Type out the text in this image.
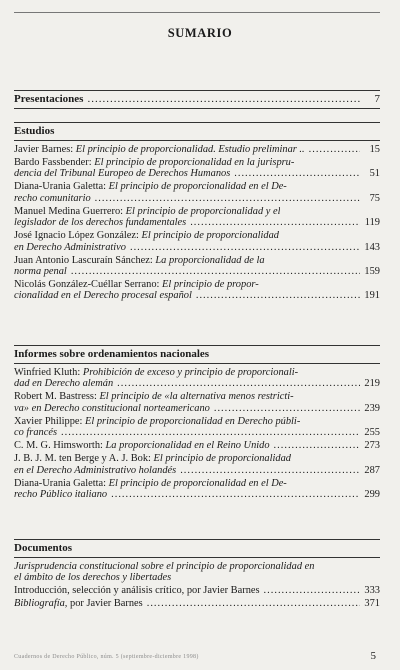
SUMARIO
Presentaciones .....	7
Estudios
Javier Barnes: El principio de proporcionalidad. Estudio preliminar .. .....	15
Bardo Fassbender: El principio de proporcionalidad en la jurispru-
dencia del Tribunal Europeo de Derechos Humanos .....	51
Diana-Urania Galetta: El principio de proporcionalidad en el De-
recho comunitario .....	75
Manuel Medina Guerrero: El principio de proporcionalidad y el
legislador de los derechos fundamentales .....	119
José Ignacio López González: El principio de proporcionalidad
en Derecho Administrativo .....	143
Juan Antonio Lascuraín Sánchez: La proporcionalidad de la
norma penal .....	159
Nicolás González-Cuéllar Serrano: El principio de propor-
cionalidad en el Derecho procesal español .....	191
Informes sobre ordenamientos nacionales
Winfried Kluth: Prohibición de exceso y principio de proporcionali-
dad en Derecho alemán .....	219
Robert M. Bastress: El principio de «la alternativa menos restricti-
va» en Derecho constitucional norteamericano .....	239
Xavier Philippe: El principio de proporcionalidad en Derecho públi-
co francés .....	255
C. M. G. Himsworth: La proporcionalidad en el Reino Unido .....	273
J. B. J. M. ten Berge y A. J. Bok: El principio de proporcionalidad
en el Derecho Administrativo holandés .....	287
Diana-Urania Galetta: El principio de proporcionalidad en el De-
recho Público italiano .....	299
Documentos
Jurisprudencia constitucional sobre el principio de proporcionalidad en
el ámbito de los derechos y libertades
Introducción, selección y análisis crítico, por Javier Barnes .....	333
Bibliografía, por Javier Barnes .....	371
Cuadernos de Derecho Público, núm. 5 (septiembre-diciembre 1998)	5
